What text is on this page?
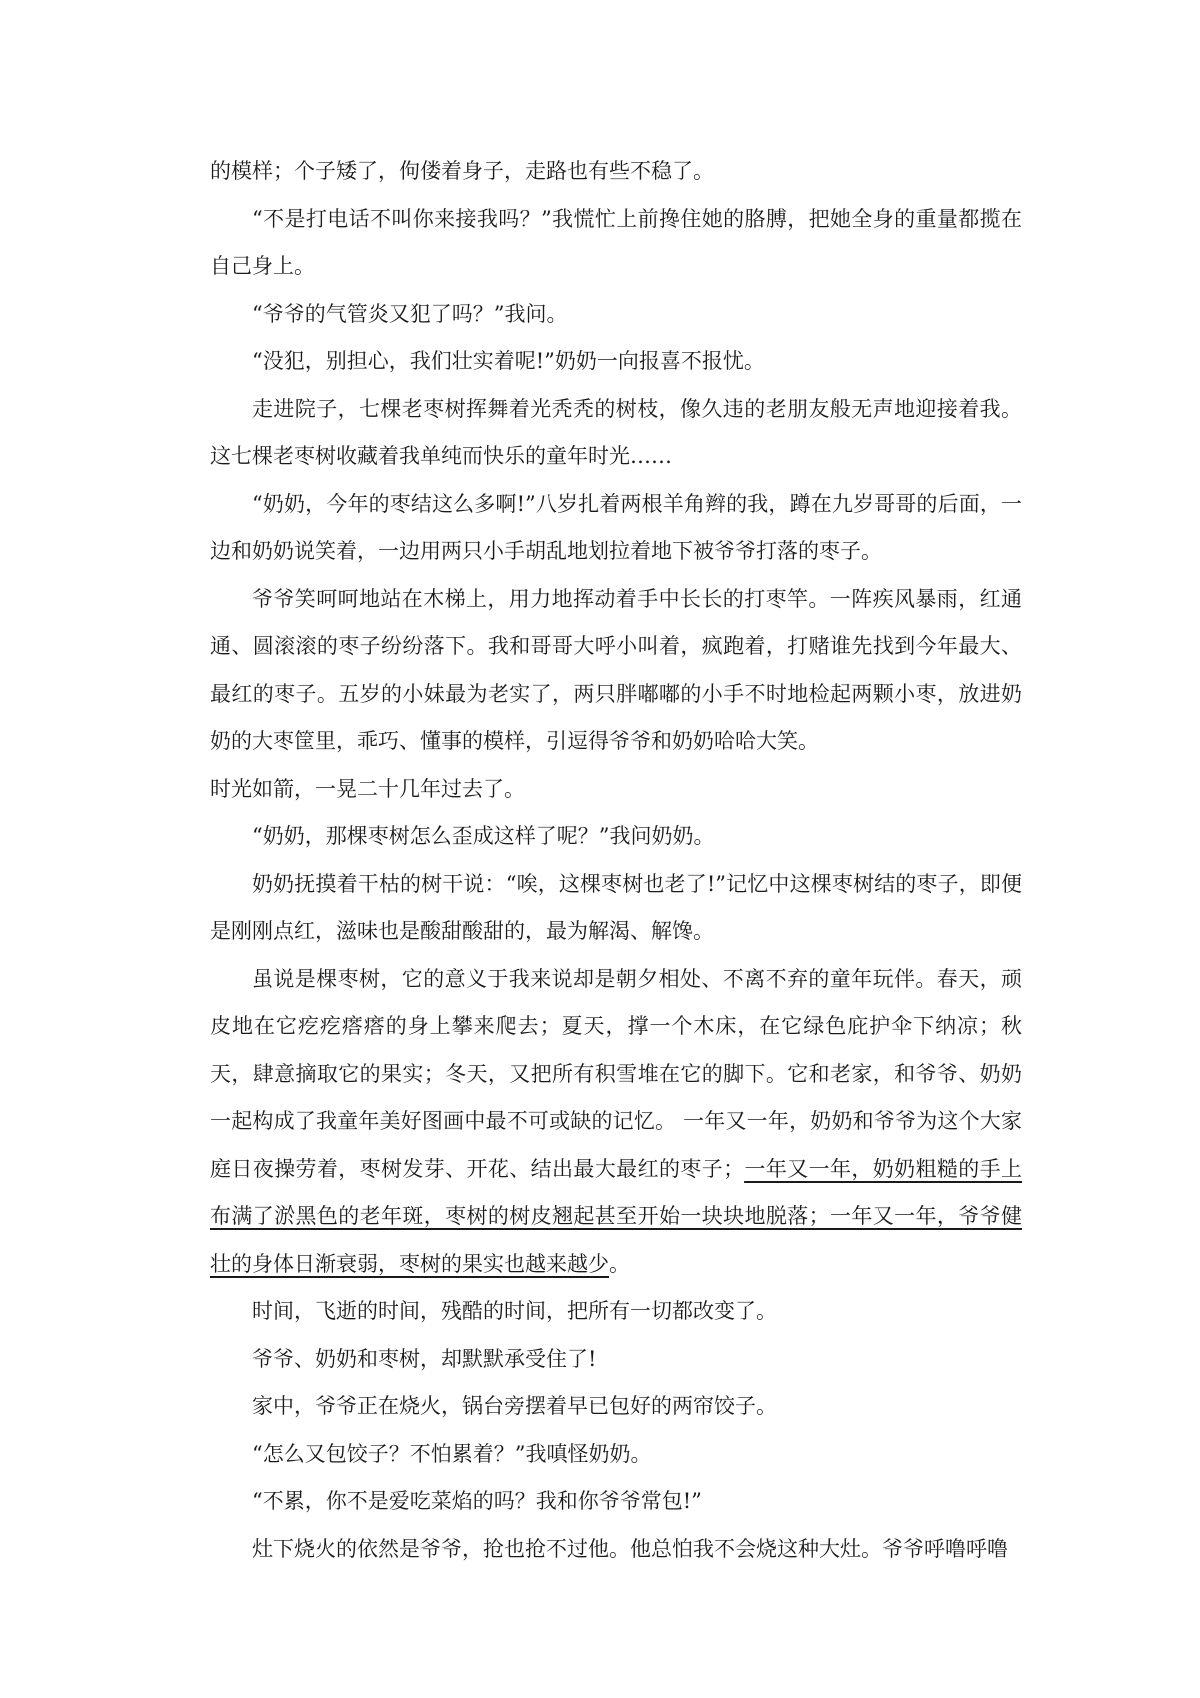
的模样；个子矮了，佝偻着身子，走路也有些不稳了。

“不是打电话不叫你来接我吗？”我慌忙上前搀住她的胳膊，把她全身的重量都揽在自己身上。

“爷爷的气管炎又犯了吗？”我问。

“没犯，别担心，我们壮实着呢!”奶奶一向报喜不报忧。

走进院子，七棵老枣树挥舞着光秃秃的树枝，像久违的老朋友般无声地迎接着我。这七棵老枣树收藏着我单纯而快乐的童年时光……

“奶奶，今年的枣结这么多啊!”八岁扎着两根羊角辫的我，蹲在九岁哥哥的后面，一边和奶奶说笑着，一边用两只小手胡乱地划拉着地下被爷爷打落的枣子。

爷爷笑呵呵地站在木梯上，用力地挥动着手中长长的打枣竿。一阵疾风暴雨，红通通、圆滚滚的枣子纷纷落下。我和哥哥大呼小叫着，疯跑着，打赌谁先找到今年最大、最红的枣子。五岁的小妹最为老实了，两只胖嘟嘟的小手不时地检起两颗小枣，放进奶奶的大枣筐里，乖巧、懂事的模样，引逗得爷爷和奶奶哈哈大笑。

时光如箭，一晃二十几年过去了。

“奶奶，那棵枣树怎么歪成这样了呢？”我问奶奶。

奶奶抚摸着干枯的树干说：“唉，这棵枣树也老了!”记忆中这棵枣树结的枣子，即便是刚刚点红，滋味也是酸甜酸甜的，最为解渴、解馋。

虽说是棵枣树，它的意义于我来说却是朝夕相处、不离不弃的童年玩伴。春天，顽皮地在它疙疙瘩瘩的身上攀来爬去；夏天，撑一个木床，在它绿色庇护伞下纳凉；秋天，肆意摘取它的果实；冬天，又把所有积雪堆在它的脚下。它和老家，和爷爷、奶奶一起构成了我童年美好图画中最不可或缺的记忆。 一年又一年，奶奶和爷爷为这个大家庭日夜操劳着，枣树发芽、开花、结出最大最红的枣子；一年又一年，奶奶粗糙的手上布满了淤黑色的老年斑，枣树的树皮翘起甚至开始一块块地脱落；一年又一年，爷爷健壮的身体日渐衰弱，枣树的果实也越来越少。

时间，飞逝的时间，残酷的时间，把所有一切都改变了。

爷爷、奶奶和枣树，却默默承受住了!

家中，爷爷正在烧火，锅台旁摆着早已包好的两帘饺子。

“怎么又包饺子？不怕累着？”我嗔怪奶奶。

“不累，你不是爱吃菜焰的吗？我和你爷爷常包!”

灶下烧火的依然是爷爷，抢也抢不过他。他总怕我不会烧这种大灶。爷爷呼噜呼噜
